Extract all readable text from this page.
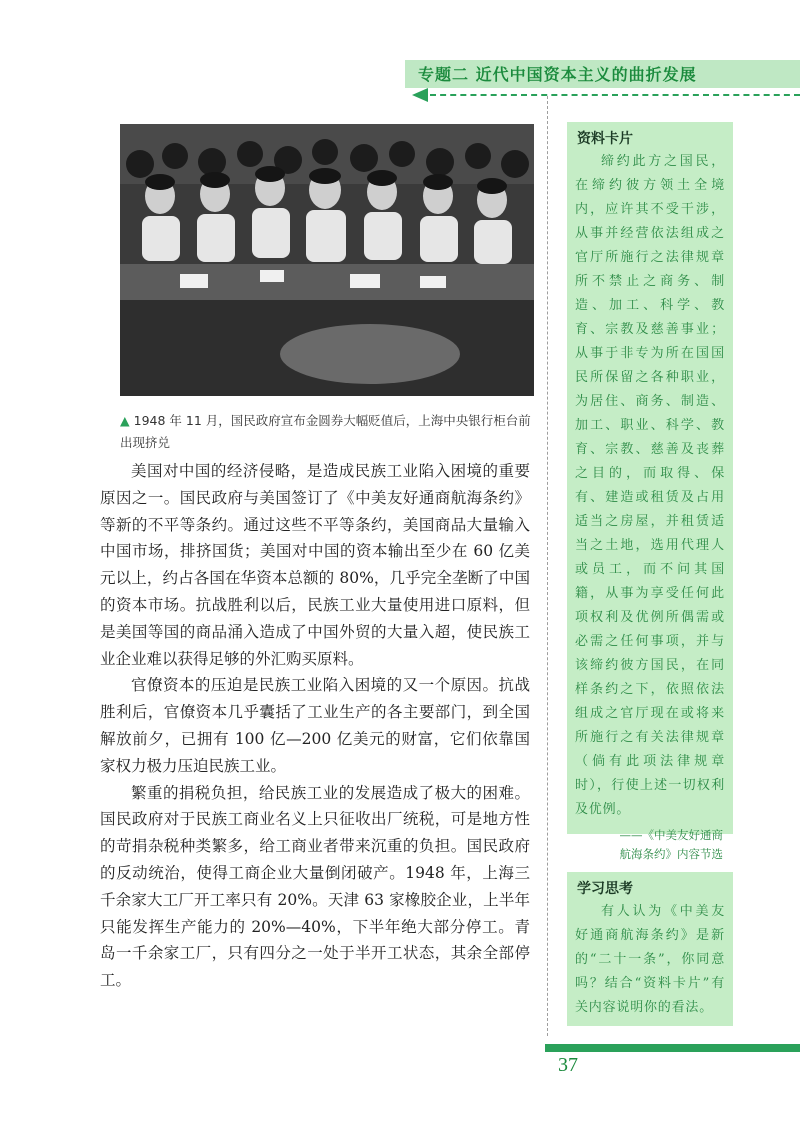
专题二 近代中国资本主义的曲折发展
▲ 1948 年 11 月，国民政府宣布金圆券大幅贬值后，上海中央银行柜台前出现挤兑

美国对中国的经济侵略，是造成民族工业陷入困境的重要原因之一。国民政府与美国签订了《中美友好通商航海条约》等新的不平等条约。通过这些不平等条约，美国商品大量输入中国市场，排挤国货；美国对中国的资本输出至少在 60 亿美元以上，约占各国在华资本总额的 80%，几乎完全垄断了中国的资本市场。抗战胜利以后，民族工业大量使用进口原料，但是美国等国的商品涌入造成了中国外贸的大量入超，使民族工业企业难以获得足够的外汇购买原料。

官僚资本的压迫是民族工业陷入困境的又一个原因。抗战胜利后，官僚资本几乎囊括了工业生产的各主要部门，到全国解放前夕，已拥有 100 亿—200 亿美元的财富，它们依靠国家权力极力压迫民族工业。

繁重的捐税负担，给民族工业的发展造成了极大的困难。国民政府对于民族工商业名义上只征收出厂统税，可是地方性的苛捐杂税种类繁多，给工商业者带来沉重的负担。国民政府的反动统治，使得工商企业大量倒闭破产。1948 年，上海三千余家大工厂开工率只有 20%。天津 63 家橡胶企业，上半年只能发挥生产能力的 20%—40%，下半年绝大部分停工。青岛一千余家工厂，只有四分之一处于半开工状态，其余全部停工。

资料卡片
缔约此方之国民，在缔约彼方领土全境内，应许其不受干涉，从事并经营依法组成之官厅所施行之法律规章所不禁止之商务、制造、加工、科学、教育、宗教及慈善事业；从事于非专为所在国国民所保留之各种职业，为居住、商务、制造、加工、职业、科学、教育、宗教、慈善及丧葬之目的，而取得、保有、建造或租赁及占用适当之房屋，并租赁适当之土地，选用代理人或员工，而不问其国籍，从事为享受任何此项权利及优例所偶需或必需之任何事项，并与该缔约彼方国民，在同样条约之下，依照依法组成之官厅现在或将来所施行之有关法律规章（倘有此项法律规章时），行使上述一切权利及优例。
——《中美友好通商
航海条约》内容节选
学习思考
有人认为《中美友好通商航海条约》是新的“二十一条”，你同意吗？结合“资料卡片”有关内容说明你的看法。
37
